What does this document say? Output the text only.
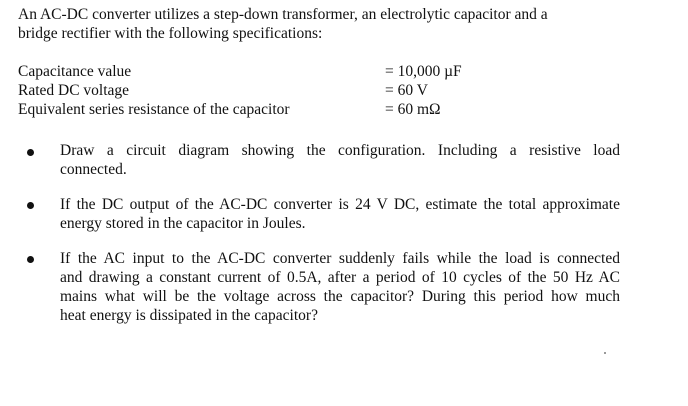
An AC-DC converter utilizes a step-down transformer, an electrolytic capacitor and a
bridge rectifier with the following specifications:
Capacitance value	= 10,000 µF
Rated DC voltage	= 60 V
Equivalent series resistance of the capacitor	= 60 mΩ
Draw a circuit diagram showing the configuration. Including a resistive load
connected.
If the DC output of the AC-DC converter is 24 V DC, estimate the total approximate
energy stored in the capacitor in Joules.
If the AC input to the AC-DC converter suddenly fails while the load is connected
and drawing a constant current of 0.5A, after a period of 10 cycles of the 50 Hz AC
mains what will be the voltage across the capacitor? During this period how much
heat energy is dissipated in the capacitor?
